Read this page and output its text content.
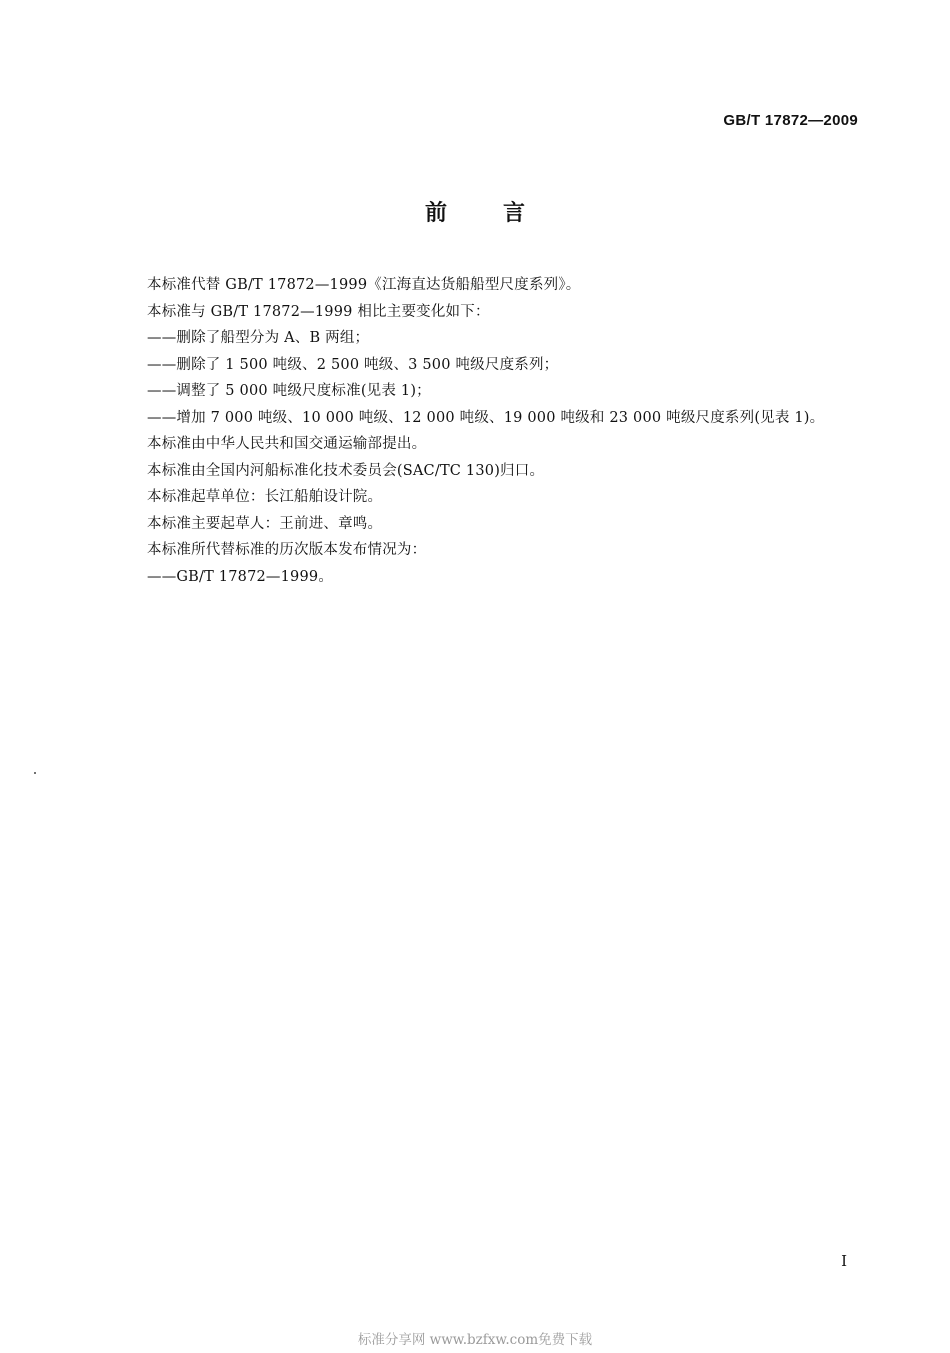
GB/T 17872—2009
前	言
本标准代替 GB/T 17872—1999《江海直达货船船型尺度系列》。
本标准与 GB/T 17872—1999 相比主要变化如下：
——删除了船型分为 A、B 两组；
——删除了 1 500 吨级、2 500 吨级、3 500 吨级尺度系列；
——调整了 5 000 吨级尺度标准(见表 1)；
——增加 7 000 吨级、10 000 吨级、12 000 吨级、19 000 吨级和 23 000 吨级尺度系列(见表 1)。
本标准由中华人民共和国交通运输部提出。
本标准由全国内河船标准化技术委员会(SAC/TC 130)归口。
本标准起草单位：长江船舶设计院。
本标准主要起草人：王前进、章鸣。
本标准所代替标准的历次版本发布情况为：
——GB/T 17872—1999。
I
标准分享网 www.bzfxw.com免费下载
